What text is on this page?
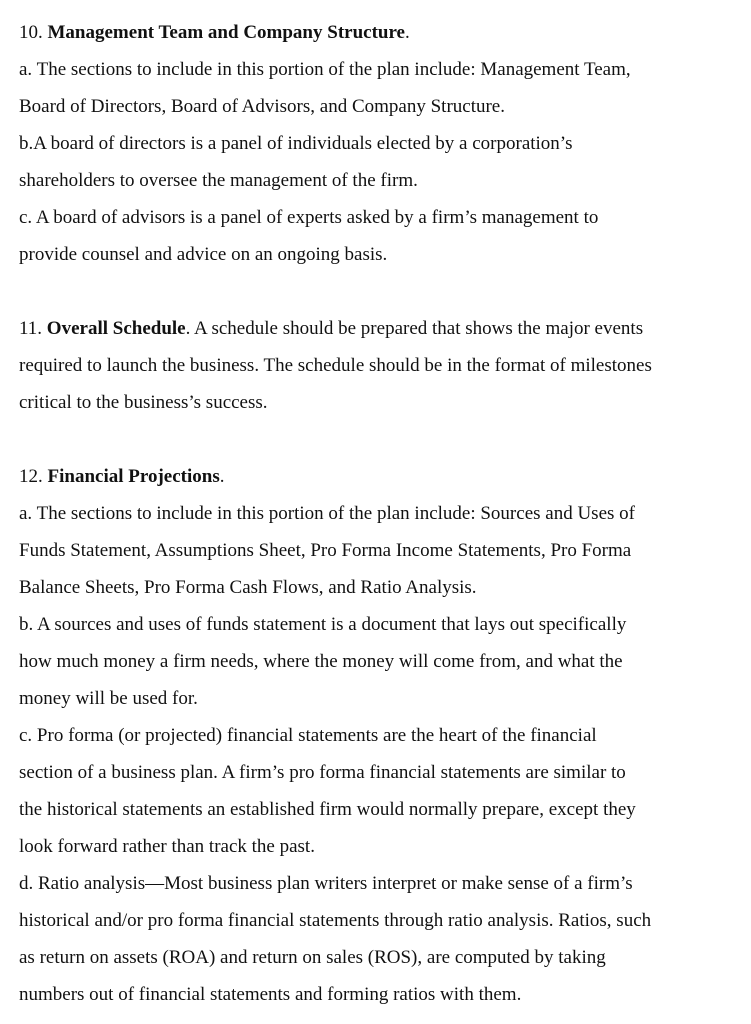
10. Management Team and Company Structure.
a. The sections to include in this portion of the plan include: Management Team,
Board of Directors, Board of Advisors, and Company Structure.
b.A board of directors is a panel of individuals elected by a corporation’s
shareholders to oversee the management of the firm.
c. A board of advisors is a panel of experts asked by a firm’s management to
provide counsel and advice on an ongoing basis.
11. Overall Schedule. A schedule should be prepared that shows the major events
required to launch the business. The schedule should be in the format of milestones
critical to the business’s success.
12. Financial Projections.
a. The sections to include in this portion of the plan include: Sources and Uses of
Funds Statement, Assumptions Sheet, Pro Forma Income Statements, Pro Forma
Balance Sheets, Pro Forma Cash Flows, and Ratio Analysis.
b. A sources and uses of funds statement is a document that lays out specifically
how much money a firm needs, where the money will come from, and what the
money will be used for.
c. Pro forma (or projected) financial statements are the heart of the financial
section of a business plan. A firm’s pro forma financial statements are similar to
the historical statements an established firm would normally prepare, except they
look forward rather than track the past.
d. Ratio analysis—Most business plan writers interpret or make sense of a firm’s
historical and/or pro forma financial statements through ratio analysis. Ratios, such
as return on assets (ROA) and return on sales (ROS), are computed by taking
numbers out of financial statements and forming ratios with them.
